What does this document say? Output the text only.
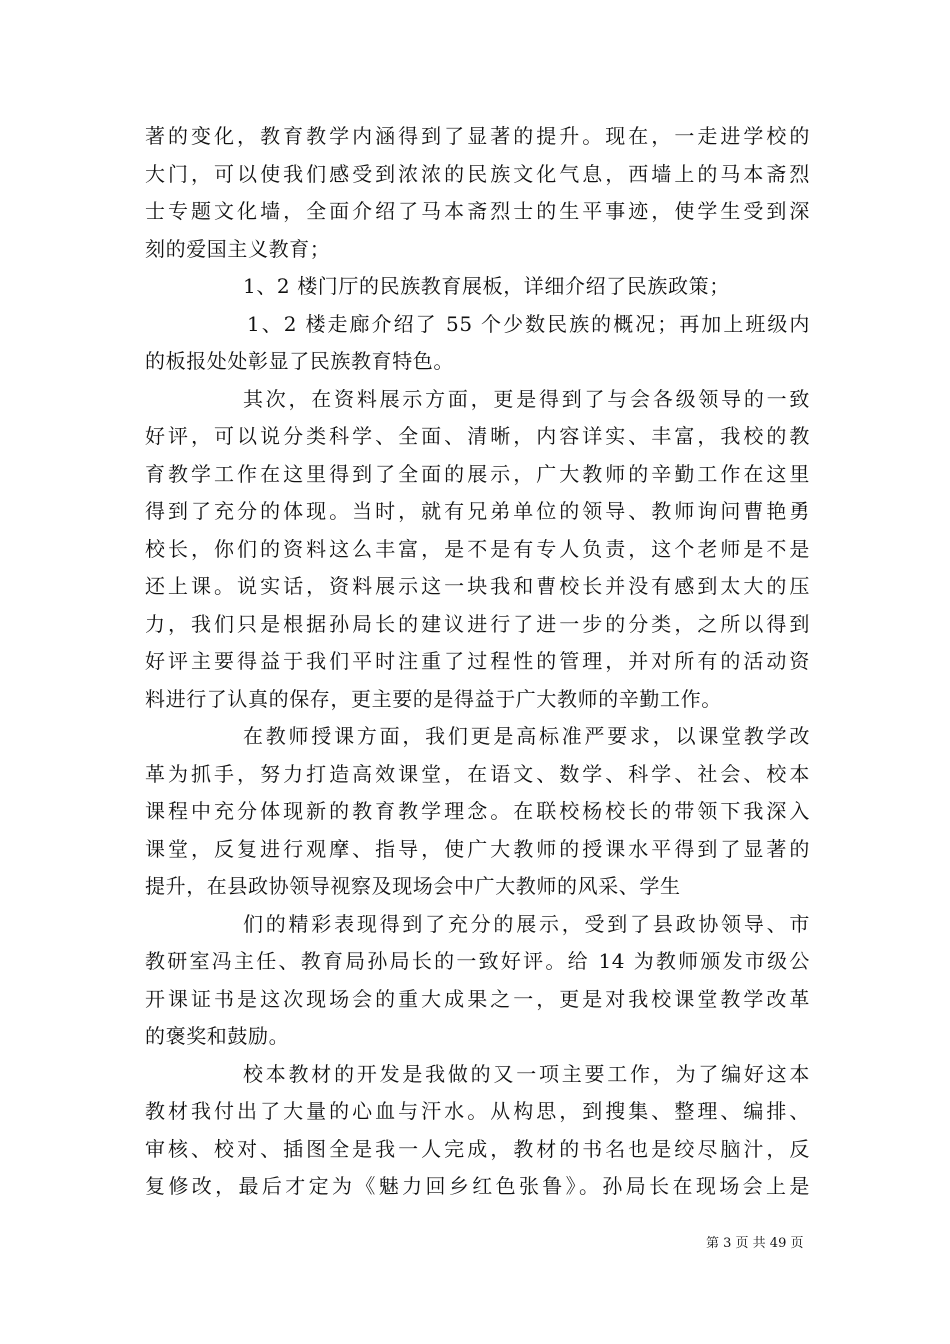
著的变化，教育教学内涵得到了显著的提升。现在，一走进学校的
大门，可以使我们感受到浓浓的民族文化气息，西墙上的马本斋烈
士专题文化墙，全面介绍了马本斋烈士的生平事迹，使学生受到深
刻的爱国主义教育；
1、2 楼门厅的民族教育展板，详细介绍了民族政策；
1、2 楼走廊介绍了 55 个少数民族的概况；再加上班级内
的板报处处彰显了民族教育特色。
其次，在资料展示方面，更是得到了与会各级领导的一致
好评，可以说分类科学、全面、清晰，内容详实、丰富，我校的教
育教学工作在这里得到了全面的展示，广大教师的辛勤工作在这里
得到了充分的体现。当时，就有兄弟单位的领导、教师询问曹艳勇
校长，你们的资料这么丰富，是不是有专人负责，这个老师是不是
还上课。说实话，资料展示这一块我和曹校长并没有感到太大的压
力，我们只是根据孙局长的建议进行了进一步的分类，之所以得到
好评主要得益于我们平时注重了过程性的管理，并对所有的活动资
料进行了认真的保存，更主要的是得益于广大教师的辛勤工作。
在教师授课方面，我们更是高标准严要求，以课堂教学改
革为抓手，努力打造高效课堂，在语文、数学、科学、社会、校本
课程中充分体现新的教育教学理念。在联校杨校长的带领下我深入
课堂，反复进行观摩、指导，使广大教师的授课水平得到了显著的
提升，在县政协领导视察及现场会中广大教师的风采、学生
们的精彩表现得到了充分的展示，受到了县政协领导、市
教研室冯主任、教育局孙局长的一致好评。给 14 为教师颁发市级公
开课证书是这次现场会的重大成果之一，更是对我校课堂教学改革
的褒奖和鼓励。
校本教材的开发是我做的又一项主要工作，为了编好这本
教材我付出了大量的心血与汗水。从构思，到搜集、整理、编排、
审核、校对、插图全是我一人完成，教材的书名也是绞尽脑汁，反
复修改，最后才定为《魅力回乡红色张鲁》。孙局长在现场会上是
第 3 页 共 49 页
